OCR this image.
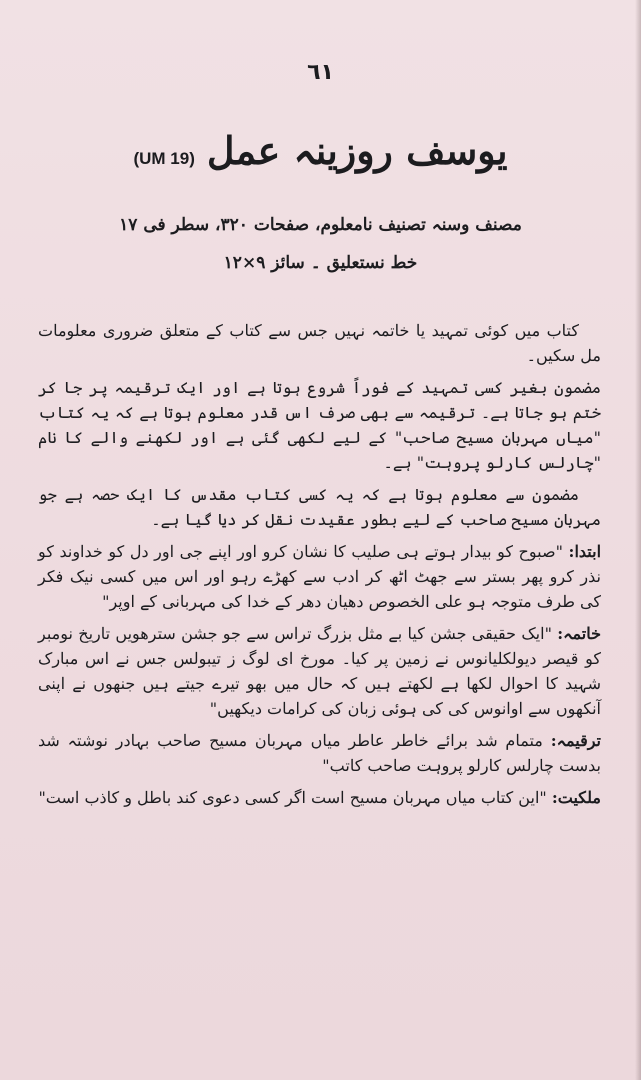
٦١
(UM 19) یوسف روزینہ عمل
مصنف وسنہ تصنیف نامعلوم، صفحات ۳۲۰، سطر فی ۱۷
خط نستعلیق ۔ سائز ۹×۱۲

کتاب میں کوئی تمہید یا خاتمہ نہیں جس سے کتاب کے متعلق ضروری معلومات مل سکیں۔

مضمون بغیر کسی تمہید کے فوراً شروع ہوتا ہے اور ایک ترقیمہ پر جا کر ختم ہو جاتا ہے۔ ترقیمہ سے بھی صرف اس قدر معلوم ہوتا ہے کہ یہ کتاب "میاں مہربان مسیح صاحب" کے لیے لکھی گئی ہے اور لکھنے والے کا نام "چارلس کارلو پروہت" ہے۔

مضمون سے معلوم ہوتا ہے کہ یہ کسی کتاب مقدس کا ایک حصہ ہے جو مہربان مسیح صاحب کے لیے بطور عقیدت نقل کر دیا گیا ہے۔

ابتدا: "صبوح کو بیدار ہوتے ہی صلیب کا نشان کرو اور اپنے جی اور دل کو خداوند کو نذر کرو پھر بستر سے جھٹ اٹھ کر ادب سے کھڑے رہو اور اس میں کسی نیک فکر کی طرف متوجہ ہو علی الخصوص دھیان دھر کے خدا کی مہربانی کے اوپر"

خاتمہ: "ایک حقیقی جشن کیا بے مثل بزرگ تراس سے جو جشن سترھویں تاریخ نومبر کو قیصر دیولکلیانوس نے زمین پر کیا۔ مورخ ای لوگ ز تیبولس جس نے اس مبارک شہید کا احوال لکھا ہے لکھتے ہیں کہ حال میں بھو تیرے جیتے ہیں جنھوں نے اپنی آنکھوں سے اوانوس کی کی ہوئی زبان کی کرامات دیکھیں"

ترقیمہ: متمام شد برائے خاطر عاطر میاں مہربان مسیح صاحب بہادر نوشتہ شد بدست چارلس کارلو پروہت صاحب کاتب"

ملکیت: "این کتاب میاں مہربان مسیح است اگر کسی دعوی کند باطل و کاذب است"
